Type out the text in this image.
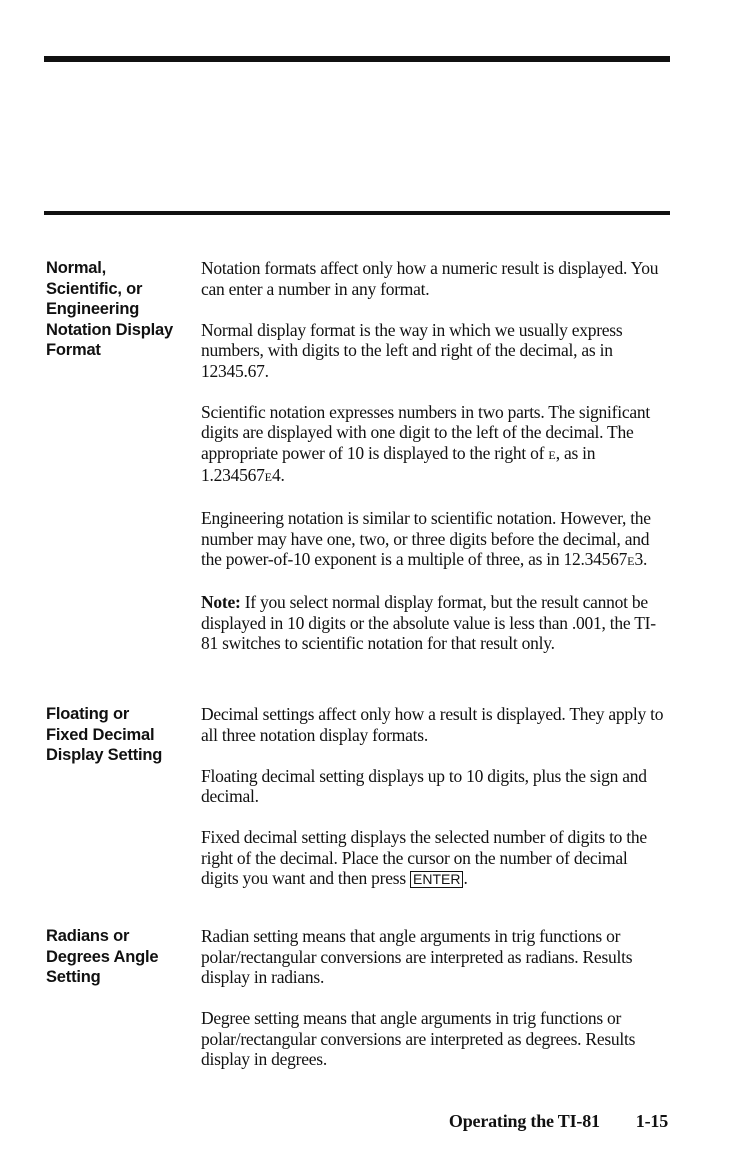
Normal,
Scientific, or
Engineering
Notation Display
Format

Notation formats affect only how a numeric result is displayed. You can enter a number in any format.

Normal display format is the way in which we usually express numbers, with digits to the left and right of the decimal, as in 12345.67.

Scientific notation expresses numbers in two parts. The significant digits are displayed with one digit to the left of the decimal. The appropriate power of 10 is displayed to the right of E, as in 1.234567E4.

Engineering notation is similar to scientific notation. However, the number may have one, two, or three digits before the decimal, and the power-of-10 exponent is a multiple of three, as in 12.34567E3.

Note: If you select normal display format, but the result cannot be displayed in 10 digits or the absolute value is less than .001, the TI-81 switches to scientific notation for that result only.

Floating or
Fixed Decimal
Display Setting

Decimal settings affect only how a result is displayed. They apply to all three notation display formats.

Floating decimal setting displays up to 10 digits, plus the sign and decimal.

Fixed decimal setting displays the selected number of digits to the right of the decimal. Place the cursor on the number of decimal digits you want and then press ENTER .

Radians or
Degrees Angle
Setting

Radian setting means that angle arguments in trig functions or polar/rectangular conversions are interpreted as radians. Results display in radians.

Degree setting means that angle arguments in trig functions or polar/rectangular conversions are interpreted as degrees. Results display in degrees.

Operating the TI-81 1-15
